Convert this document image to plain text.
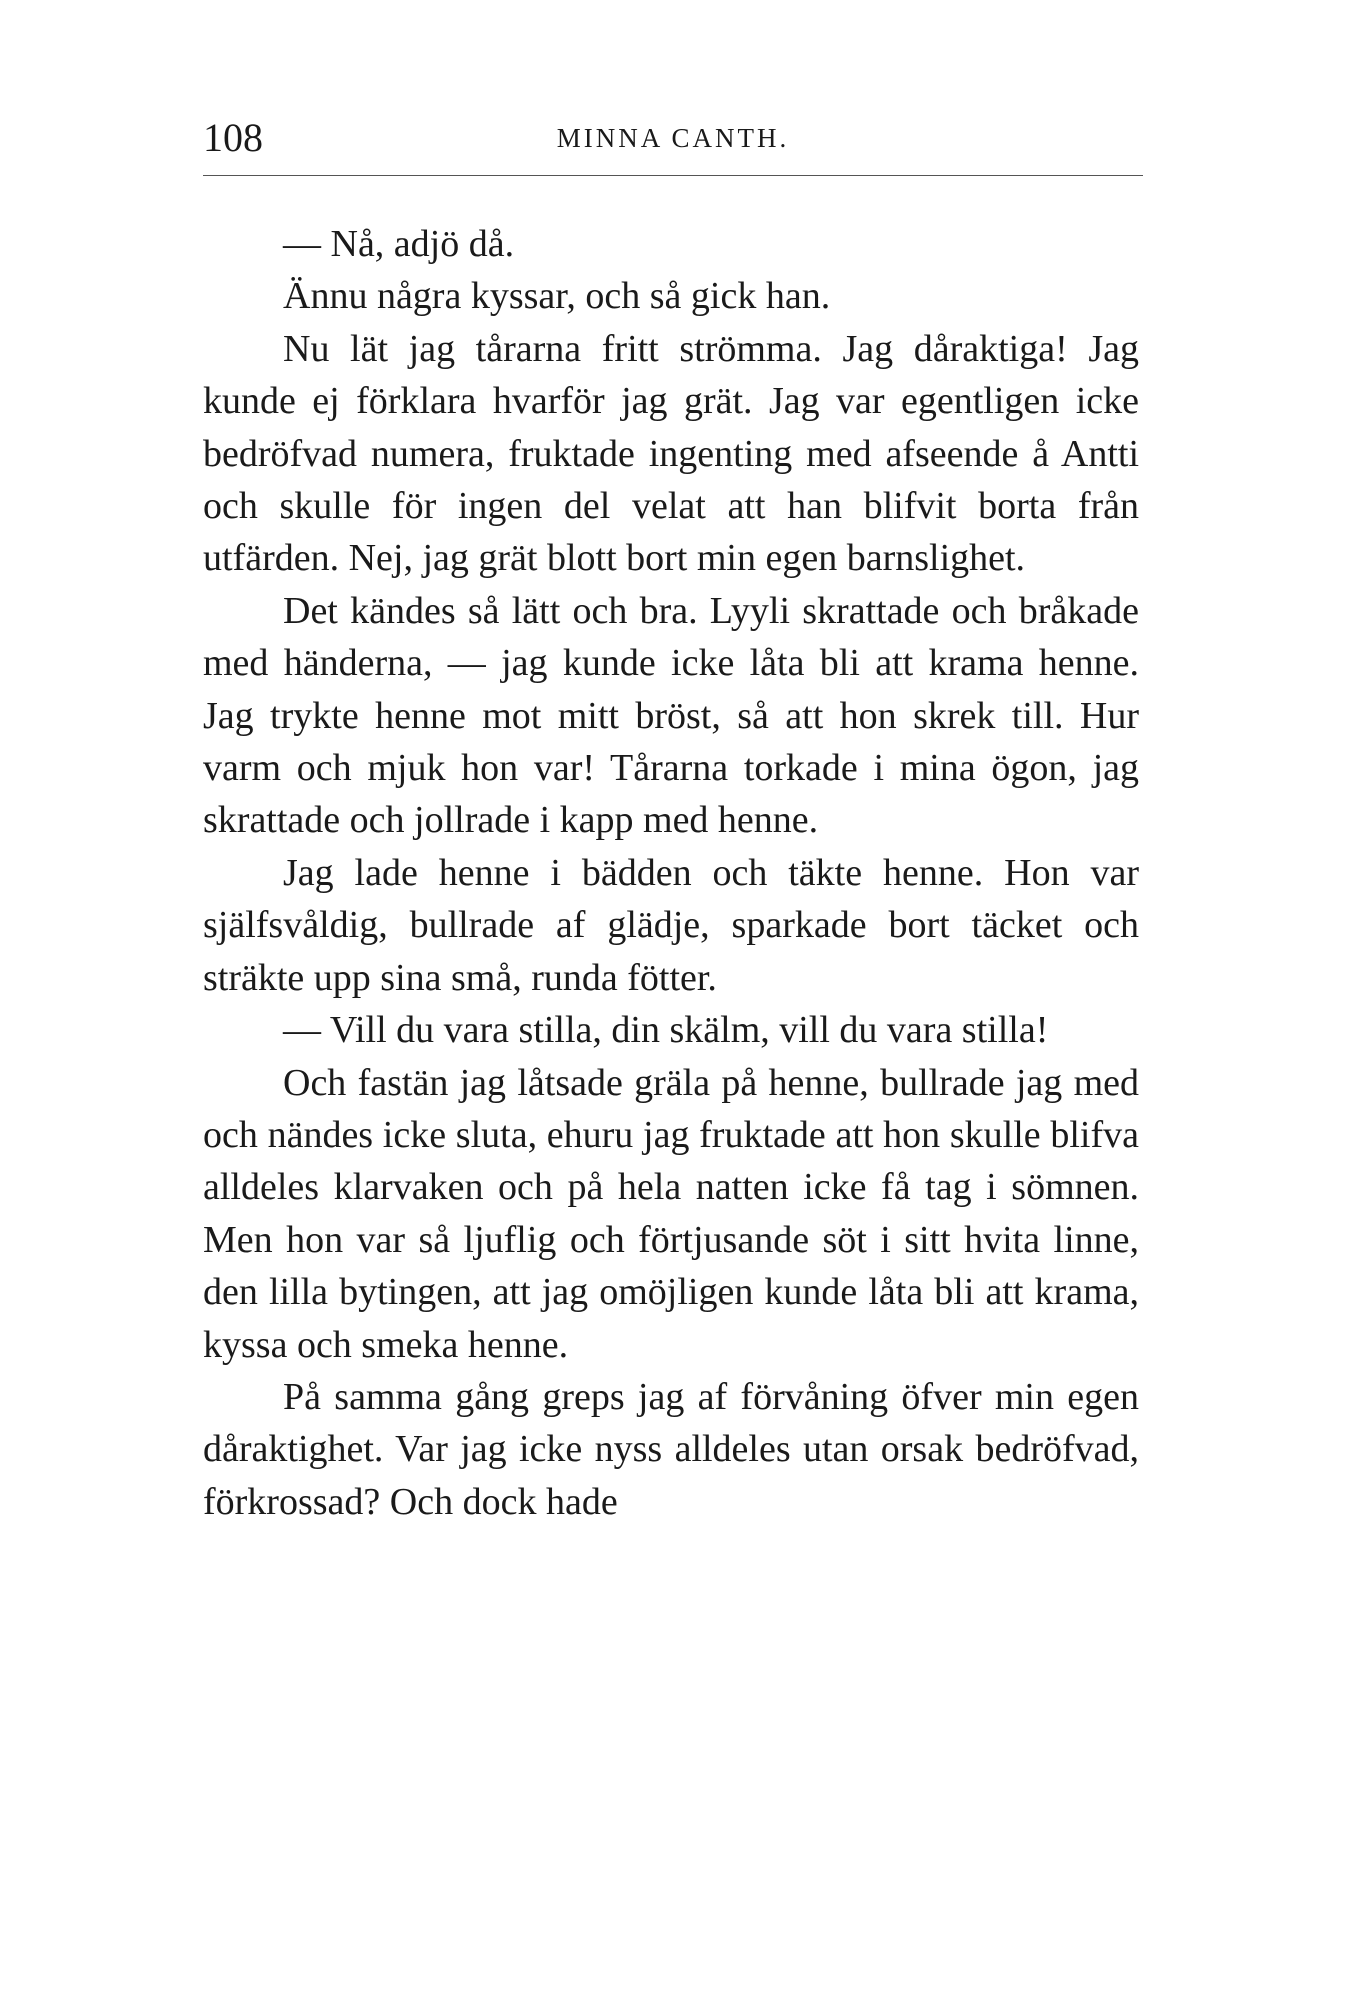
108	MINNA CANTH.

— Nå, adjö då.

Ännu några kyssar, och så gick han.

Nu lät jag tårarna fritt strömma. Jag dåraktiga! Jag kunde ej förklara hvarför jag grät. Jag var egentligen icke bedröfvad numera, fruktade ingenting med afseende å Antti och skulle för ingen del velat att han blifvit borta från utfärden. Nej, jag grät blott bort min egen barnslighet.

Det kändes så lätt och bra. Lyyli skrattade och bråkade med händerna, — jag kunde icke låta bli att krama henne. Jag trykte henne mot mitt bröst, så att hon skrek till. Hur varm och mjuk hon var! Tårarna torkade i mina ögon, jag skrattade och jollrade i kapp med henne.

Jag lade henne i bädden och täkte henne. Hon var själfsvåldig, bullrade af glädje, sparkade bort täcket och sträkte upp sina små, runda fötter.

— Vill du vara stilla, din skälm, vill du vara stilla!

Och fastän jag låtsade gräla på henne, bullrade jag med och nändes icke sluta, ehuru jag fruktade att hon skulle blifva alldeles klarvaken och på hela natten icke få tag i sömnen. Men hon var så ljuflig och förtjusande söt i sitt hvita linne, den lilla bytingen, att jag omöjligen kunde låta bli att krama, kyssa och smeka henne.

På samma gång greps jag af förvåning öfver min egen dåraktighet. Var jag icke nyss alldeles utan orsak bedröfvad, förkrossad? Och dock hade
